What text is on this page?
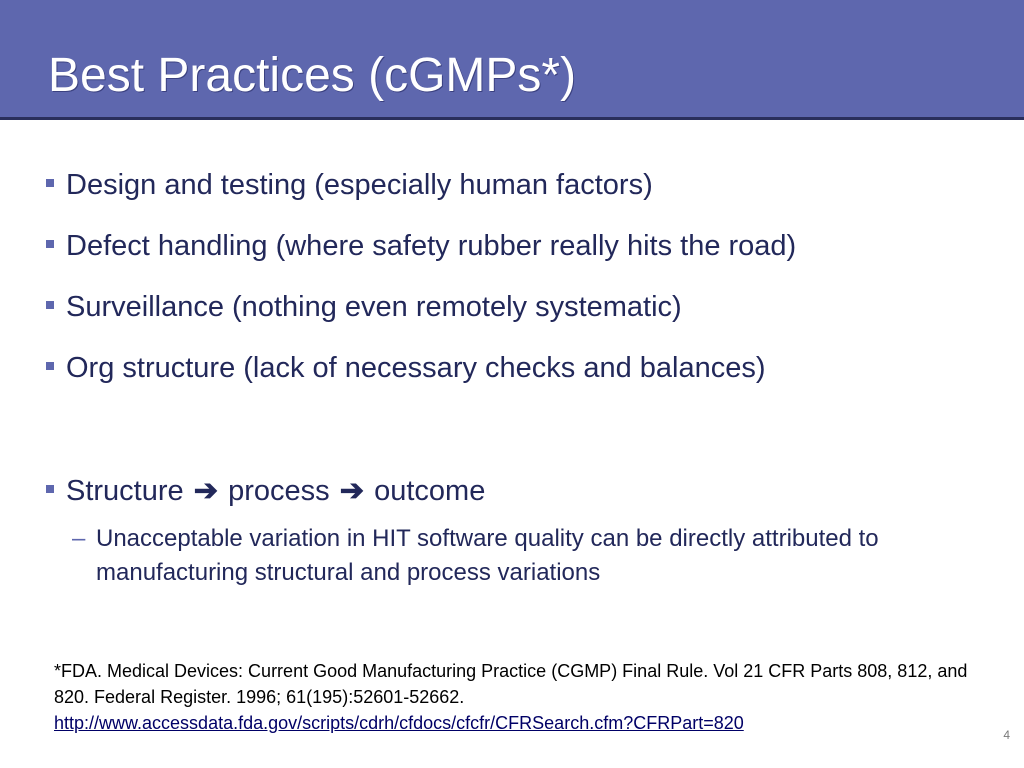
Best Practices (cGMPs*)
Design and testing (especially human factors)
Defect handling (where safety rubber really hits the road)
Surveillance (nothing even remotely systematic)
Org structure (lack of necessary checks and balances)
Structure ➔ process ➔ outcome
– Unacceptable variation in HIT software quality can be directly attributed to manufacturing structural and process variations
*FDA. Medical Devices: Current Good Manufacturing Practice (CGMP) Final Rule. Vol 21 CFR Parts 808, 812, and 820. Federal Register. 1996; 61(195):52601-52662.
http://www.accessdata.fda.gov/scripts/cdrh/cfdocs/cfcfr/CFRSearch.cfm?CFRPart=820
4
